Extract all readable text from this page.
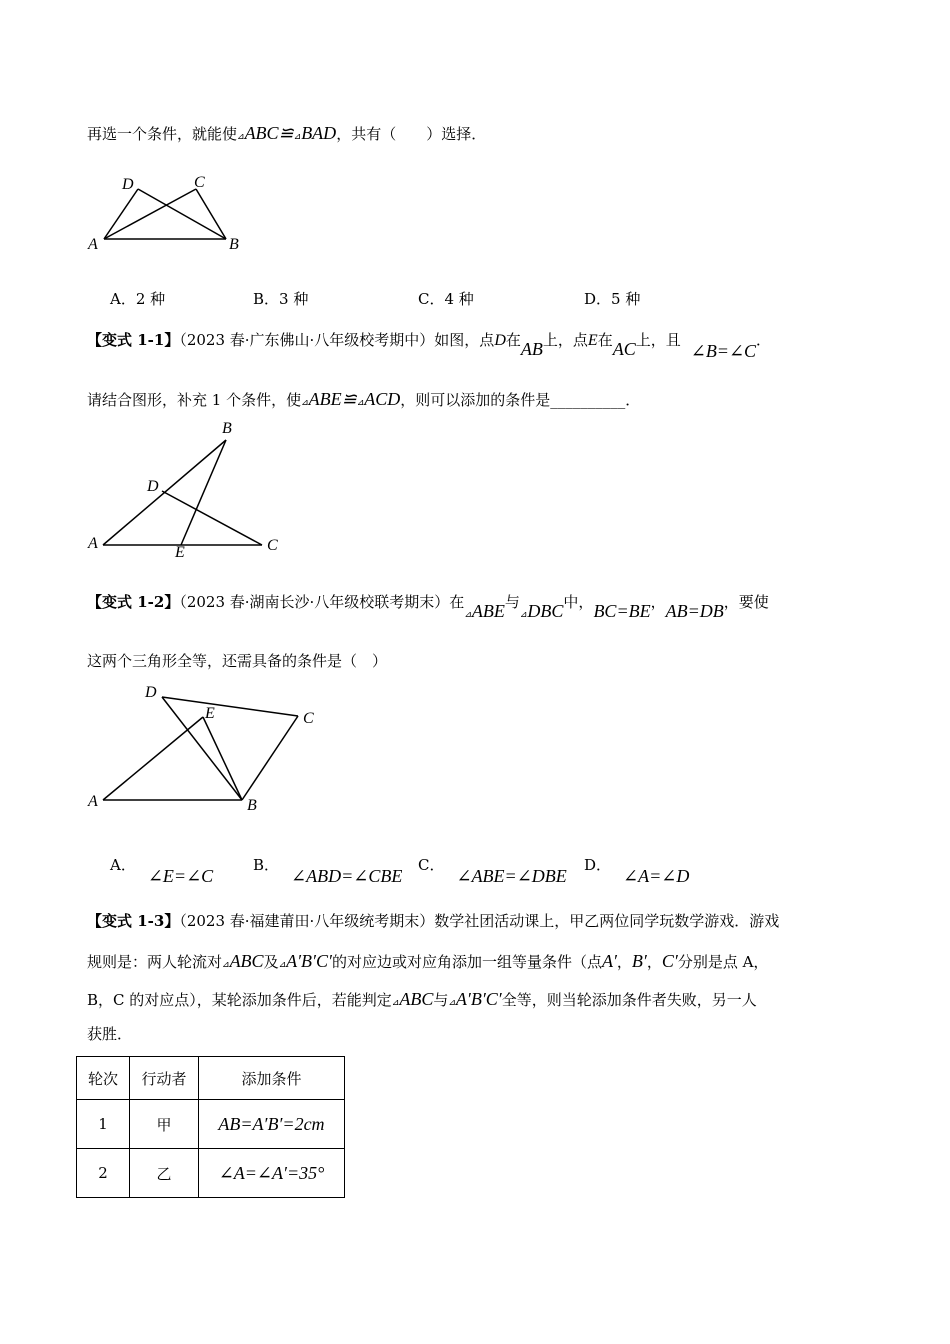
再选一个条件，就能使⊿ABC≌⊿BAD，共有（　　）选择．
D	C
A	B
A．2 种	B．3 种	C．4 种	D．5 种
【变式 1-1】（2023 春·广东佛山·八年级校考期中）如图，点D在AB上，点E在AC上，且∠B=∠C．
请结合图形，补充 1 个条件，使⊿ABE≌⊿ACD，则可以添加的条件是__________．
B
D
A
E	C
【变式 1-2】（2023 春·湖南长沙·八年级校联考期末）在⊿ABE与⊿DBC中，BC=BE，AB=DB，要使
这两个三角形全等，还需具备的条件是（　）
D
E	C
A	B
A．∠E=∠C
B．∠ABD=∠CBE
C．∠ABE=∠DBE
D．∠A=∠D
【变式 1-3】（2023 春·福建莆田·八年级统考期末）数学社团活动课上，甲乙两位同学玩数学游戏．游戏
规则是：两人轮流对⊿ABC及⊿A′B′C′的对应边或对应角添加一组等量条件（点A′，B′，C′分别是点 A，
B，C 的对应点），某轮添加条件后，若能判定⊿ABC与⊿A′B′C′全等，则当轮添加条件者失败，另一人
获胜．
轮次	行动者	添加条件
1	甲	AB=A′B′=2cm
2	乙	∠A=∠A′=35°
